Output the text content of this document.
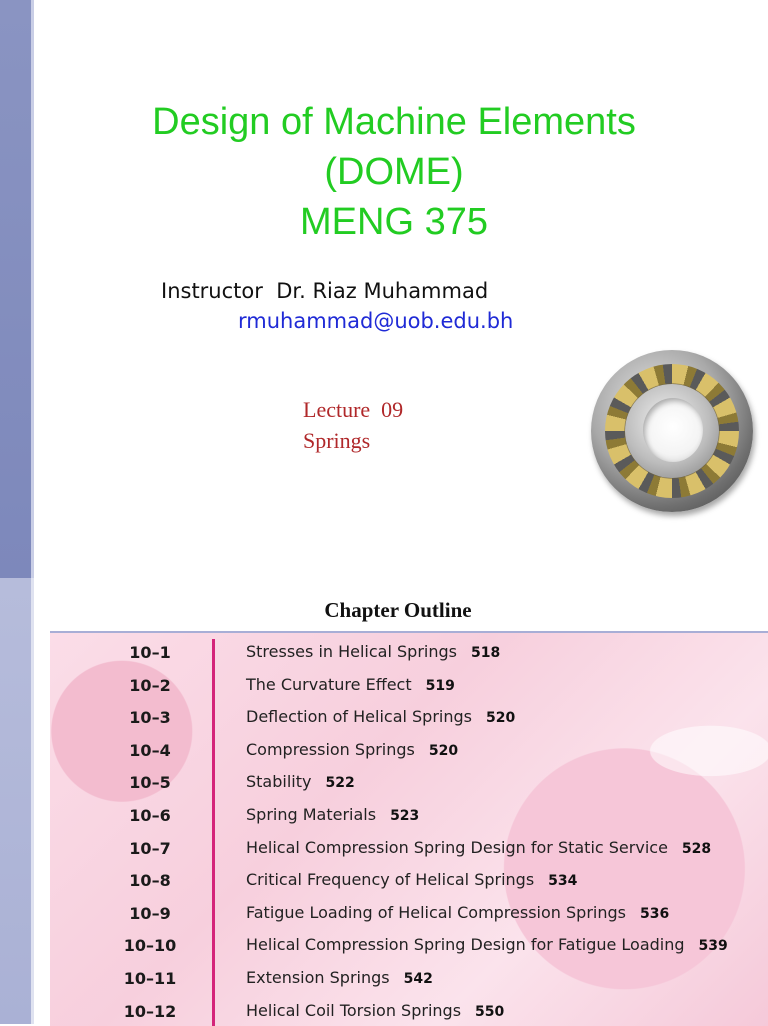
Design of Machine Elements
(DOME)
MENG 375
Instructor  Dr. Riaz Muhammad
rmuhammad@uob.edu.bh
Lecture  09
Springs
Chapter Outline
10–1	Stresses in Helical Springs 518
10–2	The Curvature Effect 519
10–3	Deflection of Helical Springs 520
10–4	Compression Springs 520
10–5	Stability 522
10–6	Spring Materials 523
10–7	Helical Compression Spring Design for Static Service 528
10–8	Critical Frequency of Helical Springs 534
10–9	Fatigue Loading of Helical Compression Springs 536
10–10	Helical Compression Spring Design for Fatigue Loading 539
10–11	Extension Springs 542
10–12	Helical Coil Torsion Springs 550
